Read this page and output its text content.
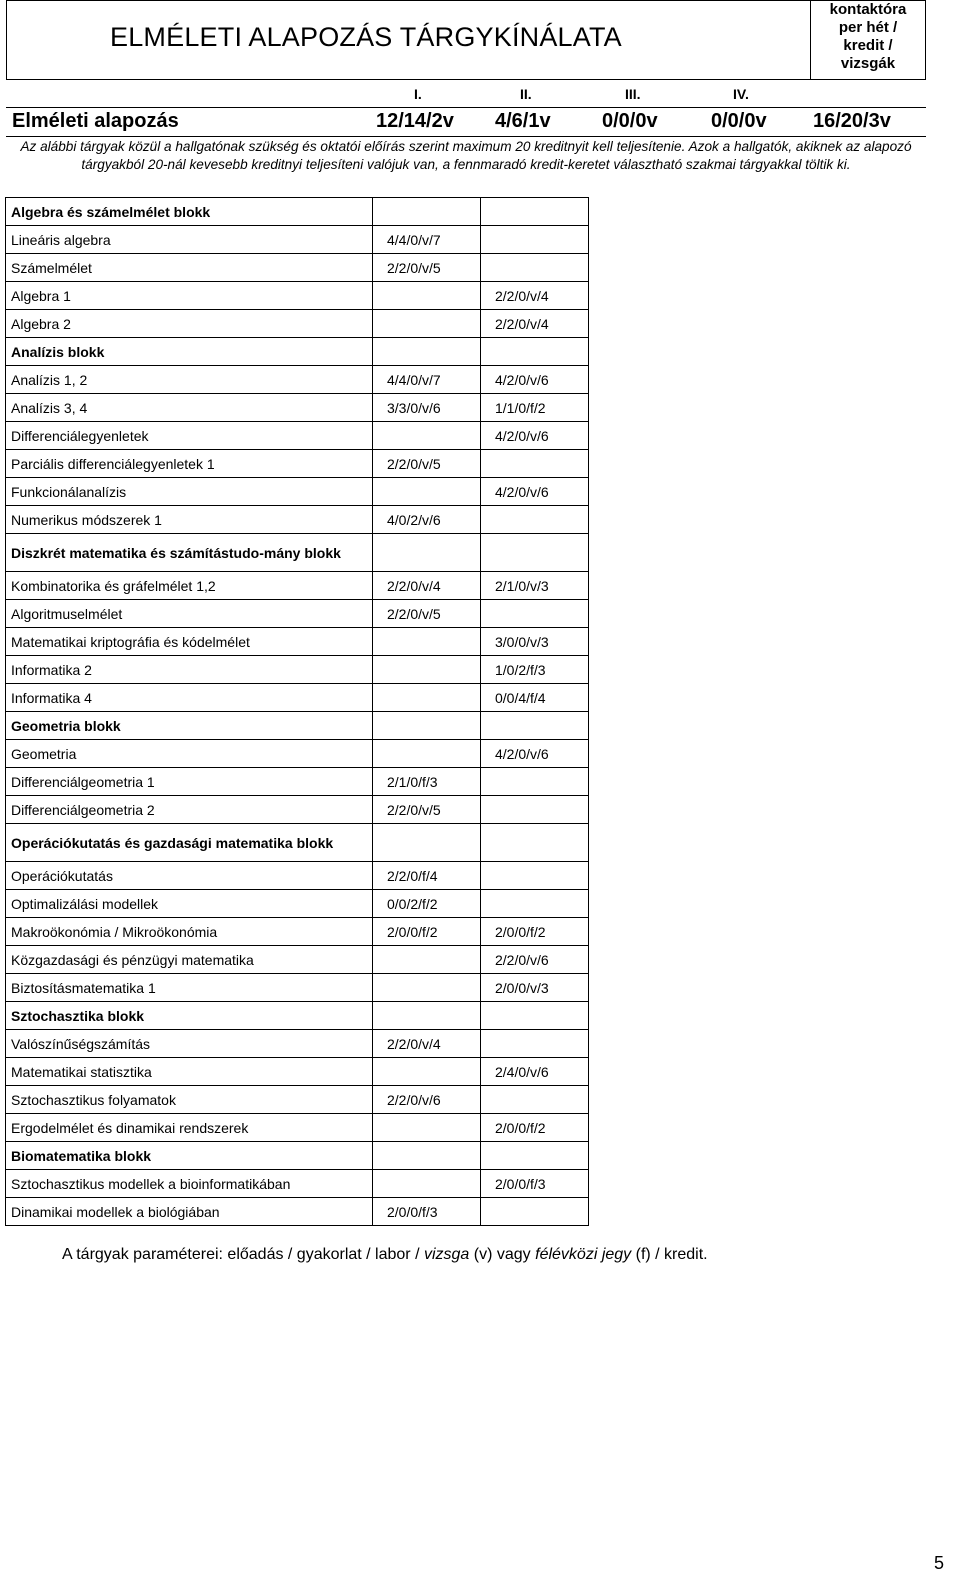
ELMÉLETI ALAPOZÁS TÁRGYKÍNÁLATA
kontaktóra
per hét /
kredit /
vizsgák
I.	II.	III.	IV.
Elméleti alapozás	12/14/2v 4/6/1v	0/0/0v	0/0/0v 16/20/3v
Az alábbi tárgyak közül a hallgatónak szükség és oktatói előírás szerint maximum 20 kreditnyit kell teljesítenie. Azok a hallgatók, akiknek az alapozó tárgyakból 20-nál kevesebb kreditnyi teljesíteni valójuk van, a fennmaradó kredit-keretet választható szakmai tárgyakkal töltik ki.
Algebra és számelmélet blokk		
Lineáris algebra	4/4/0/v/7	
Számelmélet	2/2/0/v/5	
Algebra 1		2/2/0/v/4
Algebra 2		2/2/0/v/4
Analízis blokk		
Analízis 1, 2	4/4/0/v/7	4/2/0/v/6
Analízis 3, 4	3/3/0/v/6	1/1/0/f/2
Differenciálegyenletek		4/2/0/v/6
Parciális differenciálegyenletek 1	2/2/0/v/5	
Funkcionálanalízis		4/2/0/v/6
Numerikus módszerek 1	4/0/2/v/6	
Diszkrét matematika és számítástudo-mány blokk		
Kombinatorika és gráfelmélet 1,2	2/2/0/v/4	2/1/0/v/3
Algoritmuselmélet	2/2/0/v/5	
Matematikai kriptográfia és kódelmélet		3/0/0/v/3
Informatika 2		1/0/2/f/3
Informatika 4		0/0/4/f/4
Geometria blokk		
Geometria		4/2/0/v/6
Differenciálgeometria 1	2/1/0/f/3	
Differenciálgeometria 2	2/2/0/v/5	
Operációkutatás és gazdasági matematika blokk		
Operációkutatás	2/2/0/f/4	
Optimalizálási modellek	0/0/2/f/2	
Makroökonómia / Mikroökonómia	2/0/0/f/2	2/0/0/f/2
Közgazdasági és pénzügyi matematika		2/2/0/v/6
Biztosításmatematika 1		2/0/0/v/3
Sztochasztika blokk		
Valószínűségszámítás	2/2/0/v/4	
Matematikai statisztika		2/4/0/v/6
Sztochasztikus folyamatok	2/2/0/v/6	
Ergodelmélet és dinamikai rendszerek		2/0/0/f/2
Biomatematika blokk		
Sztochasztikus modellek a bioinformatikában		2/0/0/f/3
Dinamikai modellek a biológiában	2/0/0/f/3	
A tárgyak paraméterei: előadás / gyakorlat / labor / vizsga (v) vagy félévközi jegy (f) / kredit.
5
